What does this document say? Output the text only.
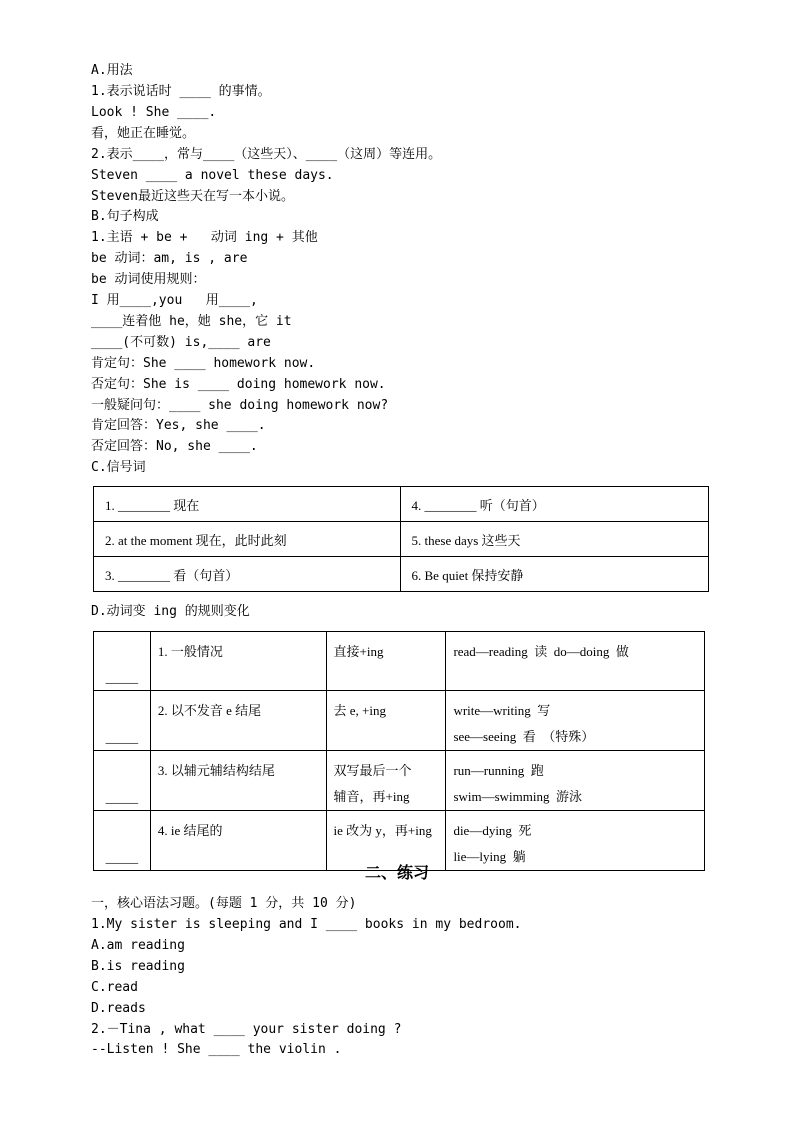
A.用法
1.表示说话时 ____ 的事情。
Look ! She ____.
看，她正在睡觉。
2.表示____，常与____（这些天）、____（这周）等连用。
Steven ____ a novel these days.
Steven最近这些天在写一本小说。
B.句子构成
1.主语 + be +   动词 ing + 其他
be 动词：am, is , are
be 动词使用规则：
I 用____,you   用____,
____连着他 he，她 she，它 it
____(不可数) is,____ are
肯定句：She ____ homework now.
否定句：She is ____ doing homework now.
一般疑问句：____ she doing homework now?
肯定回答：Yes, she ____.
否定回答：No, she ____.
C.信号词
1. ________ 现在	4. ________ 听（句首）
2. at the moment 现在，此时此刻	5. these days 这些天
3. ________ 看（句首）	6. Be quiet 保持安静
D.动词变 ing 的规则变化
_____	1. 一般情况	直接+ing	read—reading  读  do—doing  做

_____	2. 以不发音 e 结尾	去 e, +ing	write—writing  写
see—seeing  看  （特殊）

_____	3. 以辅元辅结构结尾	双写最后一个
辅音，再+ing	run—running  跑
swim—swimming  游泳

_____	4. ie 结尾的	ie 改为 y，再+ing	die—dying  死
lie—lying  躺
二、练习
一，核心语法习题。(每题 1 分，共 10 分)
1.My sister is sleeping and I ____ books in my bedroom.
A.am reading
B.is reading
C.read
D.reads
2.－Tina , what ____ your sister doing ?
--Listen ! She ____ the violin .
